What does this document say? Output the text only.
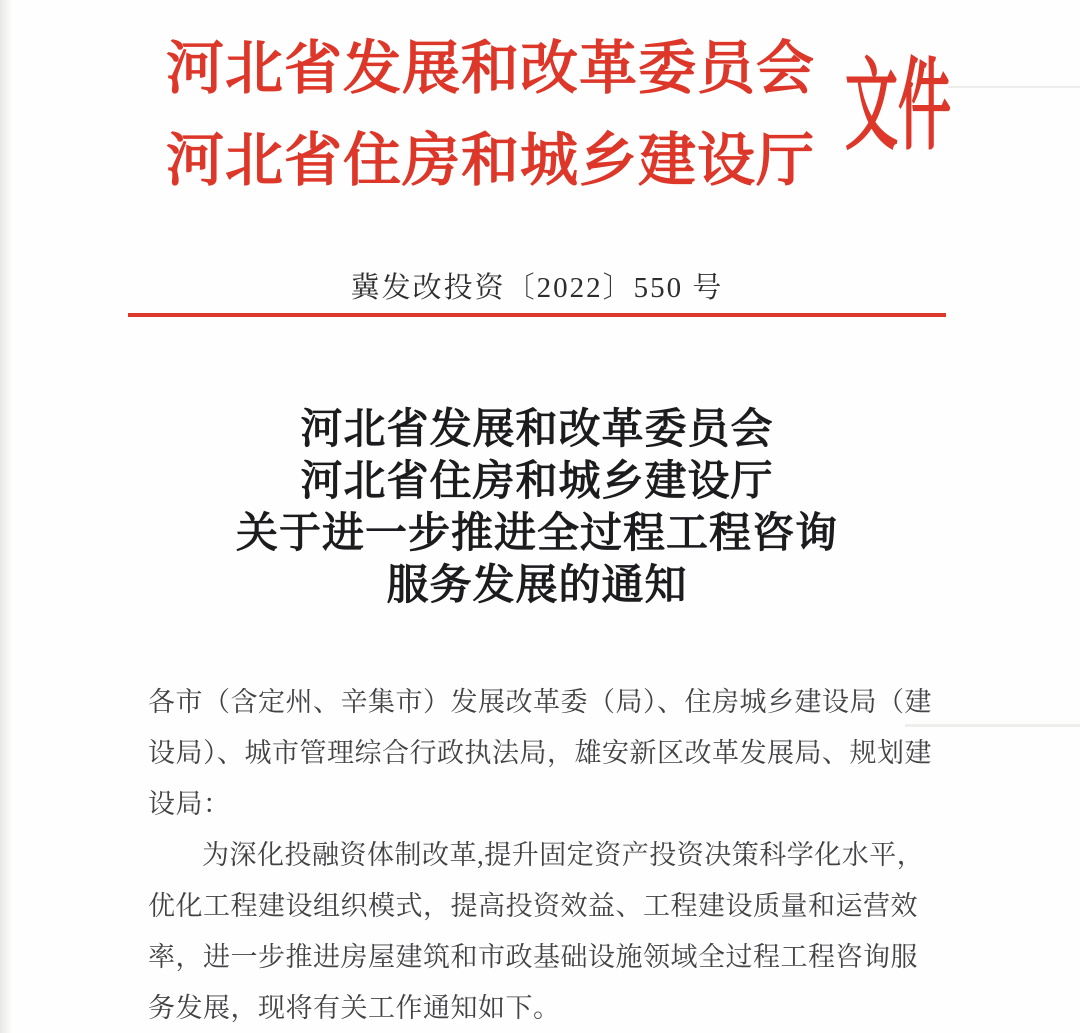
河北省发展和改革委员会
河北省住房和城乡建设厅 文件
冀发改投资〔2022〕550 号
河北省发展和改革委员会
河北省住房和城乡建设厅
关于进一步推进全过程工程咨询
服务发展的通知
各市（含定州、辛集市）发展改革委（局）、住房城乡建设局（建
设局）、城市管理综合行政执法局，雄安新区改革发展局、规划建
设局：
为深化投融资体制改革,提升固定资产投资决策科学化水平，
优化工程建设组织模式，提高投资效益、工程建设质量和运营效
率，进一步推进房屋建筑和市政基础设施领域全过程工程咨询服
务发展，现将有关工作通知如下。
